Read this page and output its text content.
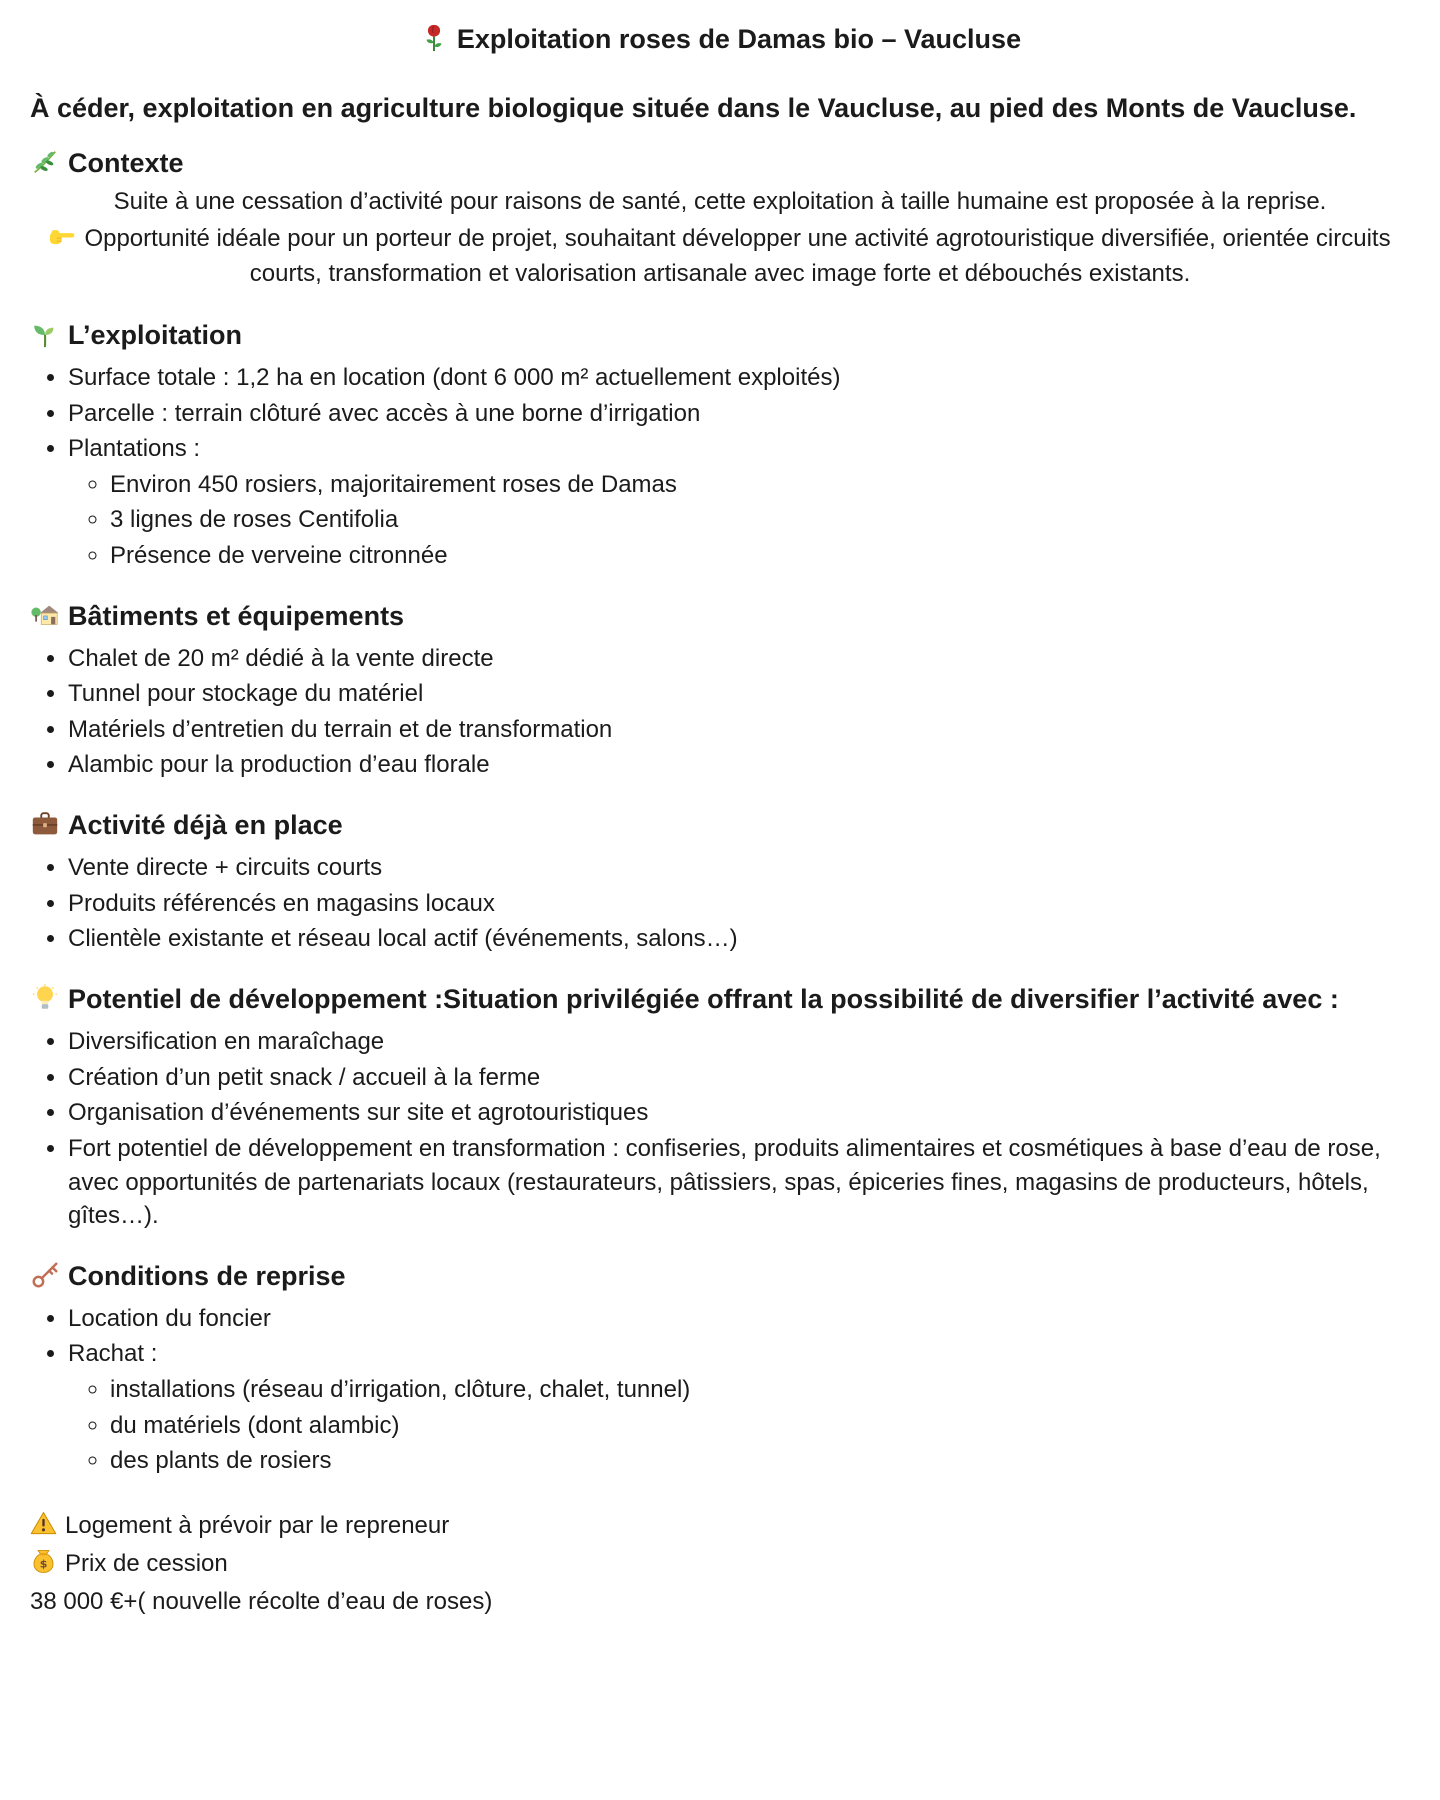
Exploitation roses de Damas bio – Vaucluse

À céder, exploitation en agriculture biologique située dans le Vaucluse, au pied des Monts de Vaucluse.

Contexte

Suite à une cessation d’activité pour raisons de santé, cette exploitation à taille humaine est proposée à la reprise.

Opportunité idéale pour un porteur de projet, souhaitant développer une activité agrotouristique diversifiée, orientée circuits courts, transformation et valorisation artisanale avec image forte et débouchés existants.

L’exploitation
• Surface totale : 1,2 ha en location (dont 6 000 m² actuellement exploités)
• Parcelle : terrain clôturé avec accès à une borne d’irrigation
• Plantations :
◦ Environ 450 rosiers, majoritairement roses de Damas
◦ 3 lignes de roses Centifolia
◦ Présence de verveine citronnée
Bâtiments et équipements
• Chalet de 20 m² dédié à la vente directe
• Tunnel pour stockage du matériel
• Matériels d’entretien du terrain et de transformation
• Alambic pour la production d’eau florale
Activité déjà en place
• Vente directe + circuits courts
• Produits référencés en magasins locaux
• Clientèle existante et réseau local actif (événements, salons…)
Potentiel de développement :Situation privilégiée offrant la possibilité de diversifier l’activité avec :
• Diversification en maraîchage
• Création d’un petit snack / accueil à la ferme
• Organisation d’événements sur site et agrotouristiques
• Fort potentiel de développement en transformation : confiseries, produits alimentaires et cosmétiques à base d’eau de rose, avec opportunités de partenariats locaux (restaurateurs, pâtissiers, spas, épiceries fines, magasins de producteurs, hôtels, gîtes…).
Conditions de reprise
• Location du foncier
• Rachat :
◦ installations (réseau d’irrigation, clôture, chalet, tunnel)
◦ du matériels (dont alambic)
◦ des plants de rosiers

Logement à prévoir par le repreneur

$ Prix de cession

38 000 €+( nouvelle récolte d’eau de roses)
